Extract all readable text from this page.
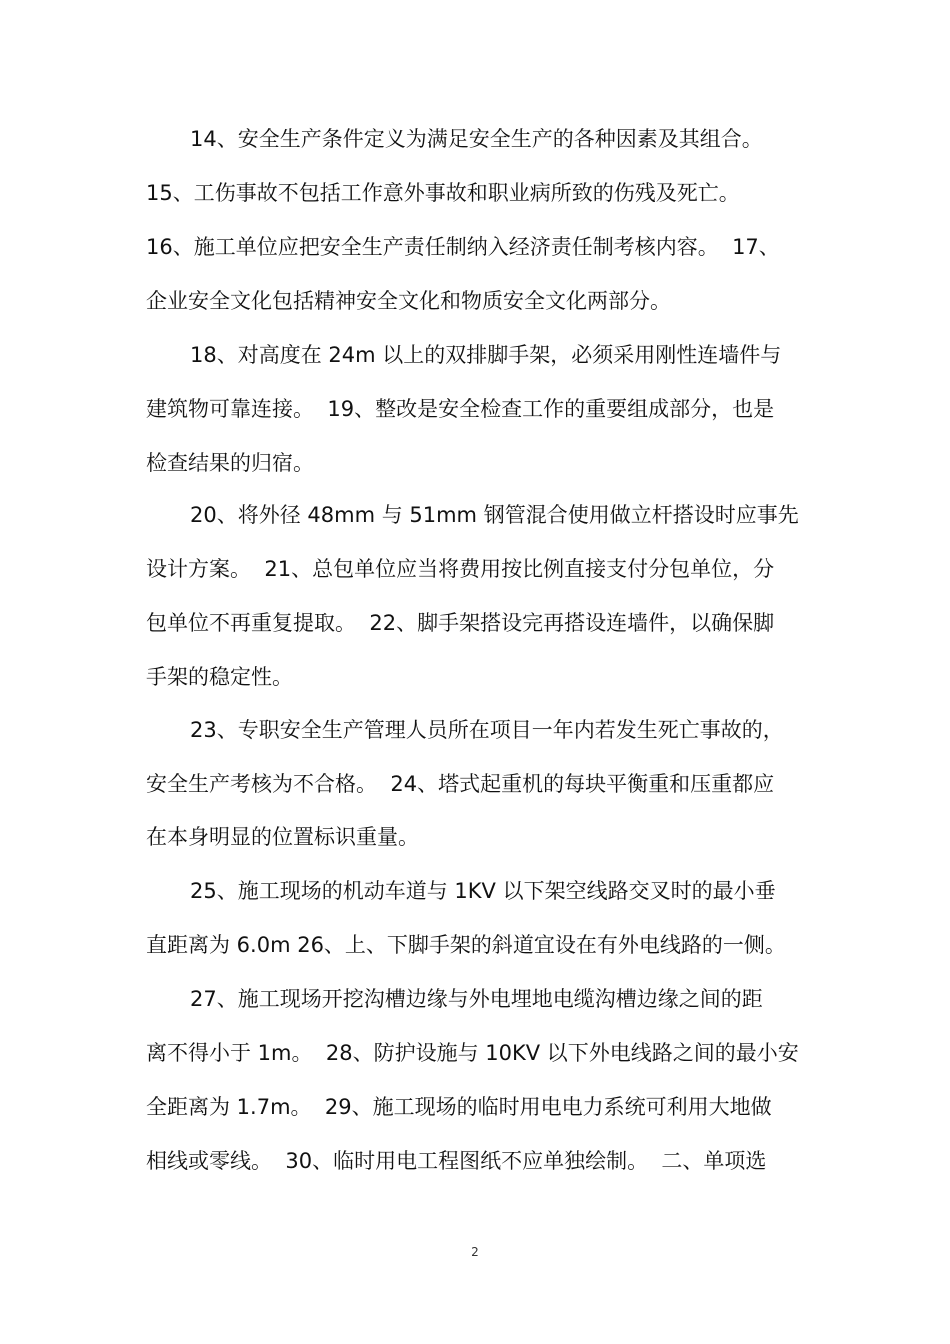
14、安全生产条件定义为满足安全生产的各种因素及其组合。
15、工伤事故不包括工作意外事故和职业病所致的伤残及死亡。
16、施工单位应把安全生产责任制纳入经济责任制考核内容。  17、
企业安全文化包括精神安全文化和物质安全文化两部分。
18、对高度在 24m 以上的双排脚手架，必须采用刚性连墙件与
建筑物可靠连接。  19、整改是安全检查工作的重要组成部分，也是
检查结果的归宿。
20、将外径 48mm 与 51mm 钢管混合使用做立杆搭设时应事先
设计方案。  21、总包单位应当将费用按比例直接支付分包单位，分
包单位不再重复提取。  22、脚手架搭设完再搭设连墙件，以确保脚
手架的稳定性。
23、专职安全生产管理人员所在项目一年内若发生死亡事故的，
安全生产考核为不合格。  24、塔式起重机的每块平衡重和压重都应
在本身明显的位置标识重量。
25、施工现场的机动车道与 1KV 以下架空线路交叉时的最小垂
直距离为 6.0m 26、上、下脚手架的斜道宜设在有外电线路的一侧。
27、施工现场开挖沟槽边缘与外电埋地电缆沟槽边缘之间的距
离不得小于 1m。  28、防护设施与 10KV 以下外电线路之间的最小安
全距离为 1.7m。  29、施工现场的临时用电电力系统可利用大地做
相线或零线。  30、临时用电工程图纸不应单独绘制。  二、单项选
2
